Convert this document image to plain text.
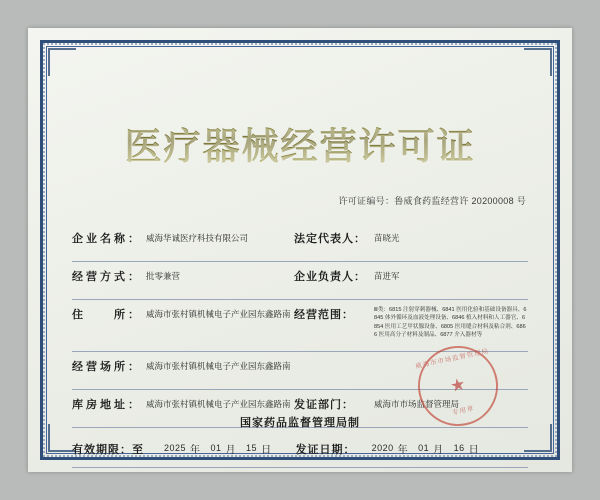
医疗器械经营许可证
许可证编号：鲁威食药监经营许 20200008 号
企业名称： 威海华诚医疗科技有限公司	法定代表人： 苗晓光
经营方式： 批零兼营	企业负责人： 苗进军
住　　所： 威海市张村镇机械电子产业园东鑫路南 经营范围：	Ⅲ类：6815 注射穿刺器械、6841 医用化验和基础设备器具、6845 体外循环及血液处理设备、6846 植入材料和人工器官、6854 医用工艺甲状腺设备、6805 医用缝合材料及粘合剂、6866 医用高分子材料及制品、6877 介入器材等
经营场所： 威海市张村镇机械电子产业园东鑫路南
库房地址： 威海市张村镇机械电子产业园东鑫路南 发证部门：	威海市市场监督管理局
有效期限：至	2025 年	01 月	15 日	发证日期：	2020 年	01 月	16 日
威海市市场监督管理局
★
专用章
国家药品监督管理局制
